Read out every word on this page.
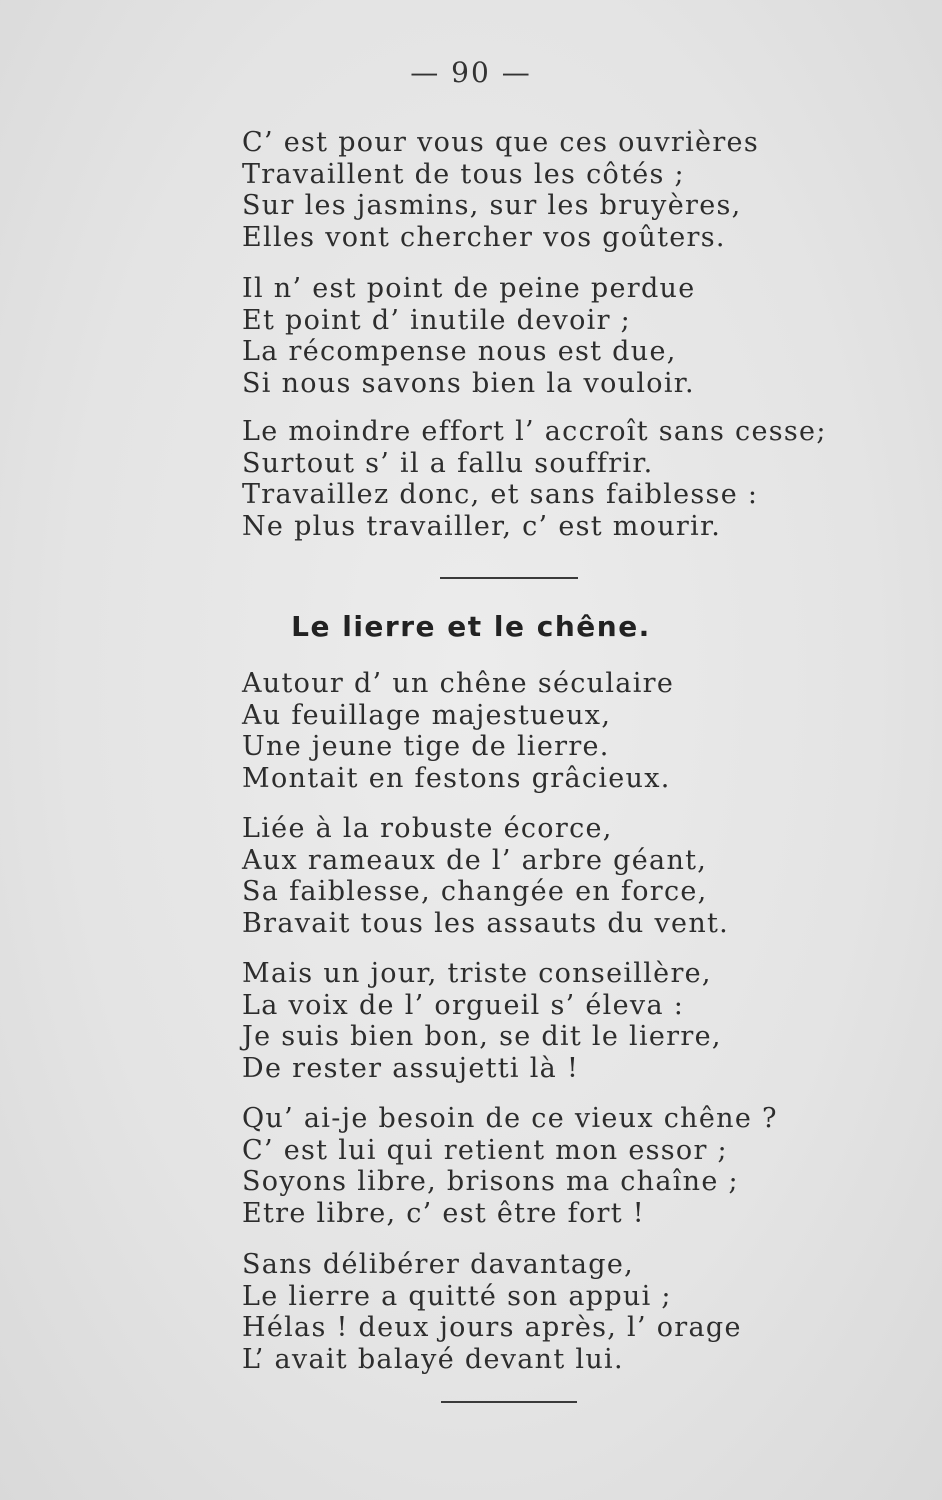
— 90 —
C’ est pour vous que ces ouvrières
Travaillent de tous les côtés ;
Sur les jasmins, sur les bruyères,
Elles vont chercher vos goûters.
Il n’ est point de peine perdue
Et point d’ inutile devoir ;
La récompense nous est due,
Si nous savons bien la vouloir.
Le moindre effort l’ accroît sans cesse;
Surtout s’ il a fallu souffrir.
Travaillez donc, et sans faiblesse :
Ne plus travailler, c’ est mourir.
Le lierre et le chêne.
Autour d’ un chêne séculaire
Au feuillage majestueux,
Une jeune tige de lierre.
Montait en festons grâcieux.
Liée à la robuste écorce,
Aux rameaux de l’ arbre géant,
Sa faiblesse, changée en force,
Bravait tous les assauts du vent.
Mais un jour, triste conseillère,
La voix de l’ orgueil s’ éleva :
Je suis bien bon, se dit le lierre,
De rester assujetti là !
Qu’ ai-je besoin de ce vieux chêne ?
C’ est lui qui retient mon essor ;
Soyons libre, brisons ma chaîne ;
Etre libre, c’ est être fort !
Sans délibérer davantage,
Le lierre a quitté son appui ;
Hélas ! deux jours après, l’ orage
L’ avait balayé devant lui.
